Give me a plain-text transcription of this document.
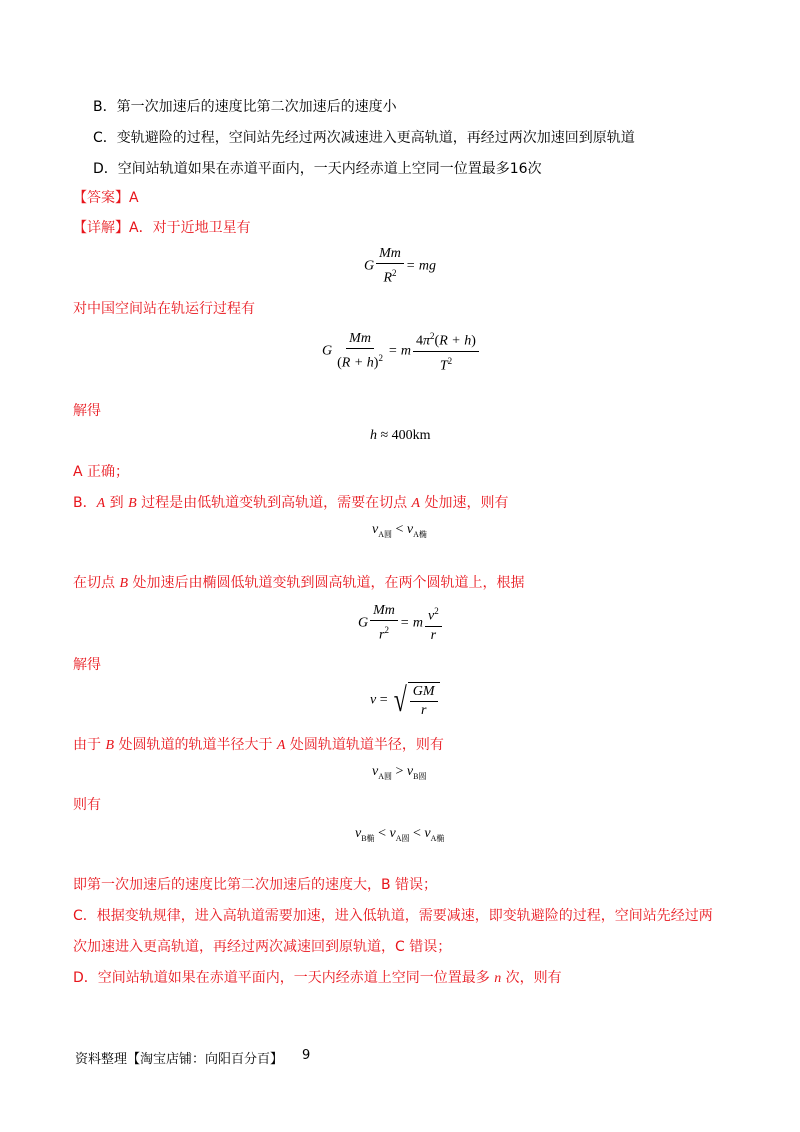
B．第一次加速后的速度比第二次加速后的速度小
C．变轨避险的过程，空间站先经过两次减速进入更高轨道，再经过两次加速回到原轨道
D．空间站轨道如果在赤道平面内，一天内经赤道上空同一位置最多16次
【答案】A
【详解】A．对于近地卫星有
G $\frac{Mm}{R^2}$ = mg
对中国空间站在轨运行过程有
G $\frac{Mm}{(R + h)^2} = m \frac{4\pi^2(R + h)}{T^2}$
解得
h ≈ 400km
A 正确；
B．A 到 B 过程是由低轨道变轨到高轨道，需要在切点 A 处加速，则有
$v_{A圆} < v_{A椭}$
在切点 B 处加速后由椭圆低轨道变轨到圆高轨道，在两个圆轨道上，根据
G $\frac{Mm}{r^2} = m \frac{v^2}{r}$
解得
v = √ $\frac{GM}{r}$
由于 B 处圆轨道的轨道半径大于 A 处圆轨道轨道半径，则有
$v_{A圆} > v_{B圆}$
则有
$v_{B椭} < v_{A圆} < v_{A椭}$
即第一次加速后的速度比第二次加速后的速度大，B 错误；
C．根据变轨规律，进入高轨道需要加速，进入低轨道，需要减速，即变轨避险的过程，空间站先经过两
次加速进入更高轨道，再经过两次减速回到原轨道，C 错误；
D．空间站轨道如果在赤道平面内，一天内经赤道上空同一位置最多 n 次，则有
资料整理【淘宝店铺：向阳百分百】 9
